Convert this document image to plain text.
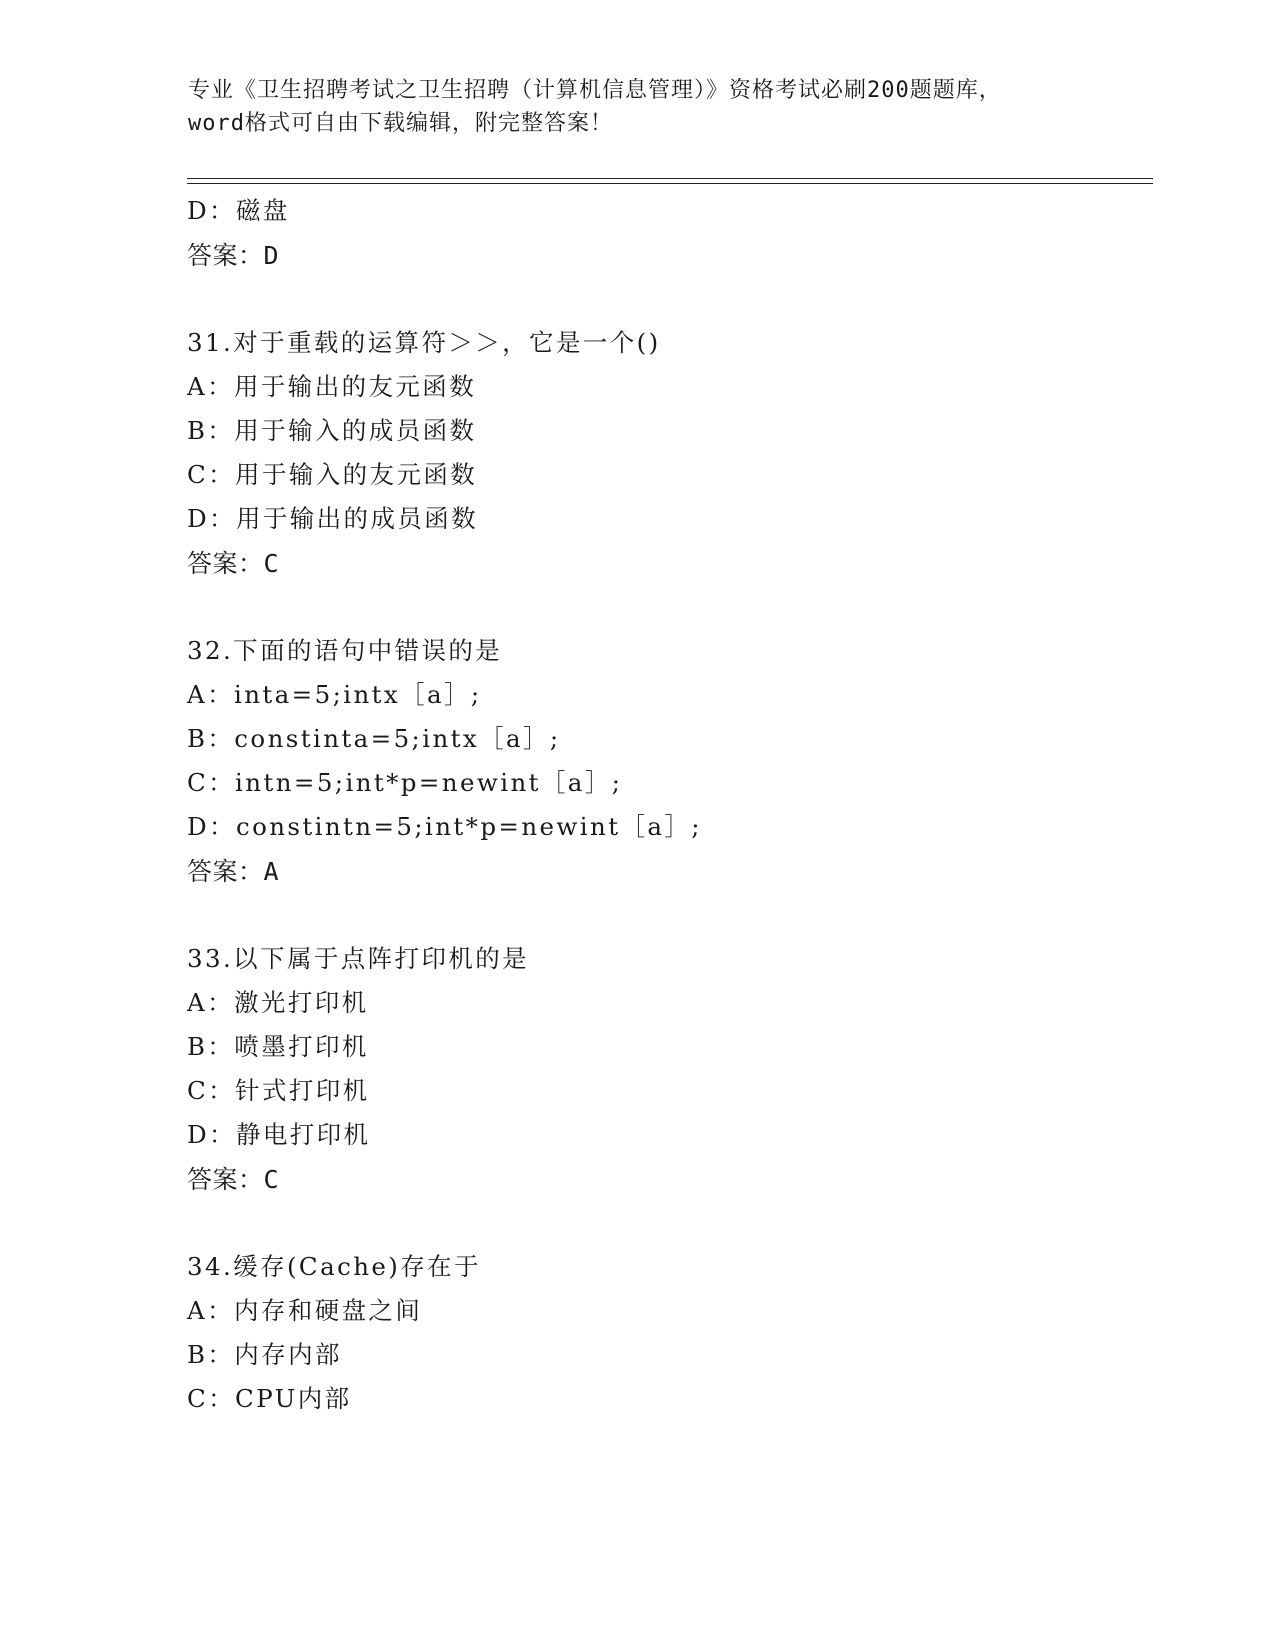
专业《卫生招聘考试之卫生招聘（计算机信息管理）》资格考试必刷200题题库，
word格式可自由下载编辑，附完整答案！
D：磁盘
答案：D
31.对于重载的运算符＞＞，它是一个()
A：用于输出的友元函数
B：用于输入的成员函数
C：用于输入的友元函数
D：用于输出的成员函数
答案：C
32.下面的语句中错误的是
A：inta=5;intx［a］;
B：constinta=5;intx［a］;
C：intn=5;int*p=newint［a］;
D：constintn=5;int*p=newint［a］;
答案：A
33.以下属于点阵打印机的是
A：激光打印机
B：喷墨打印机
C：针式打印机
D：静电打印机
答案：C
34.缓存(Cache)存在于
A：内存和硬盘之间
B：内存内部
C：CPU内部
